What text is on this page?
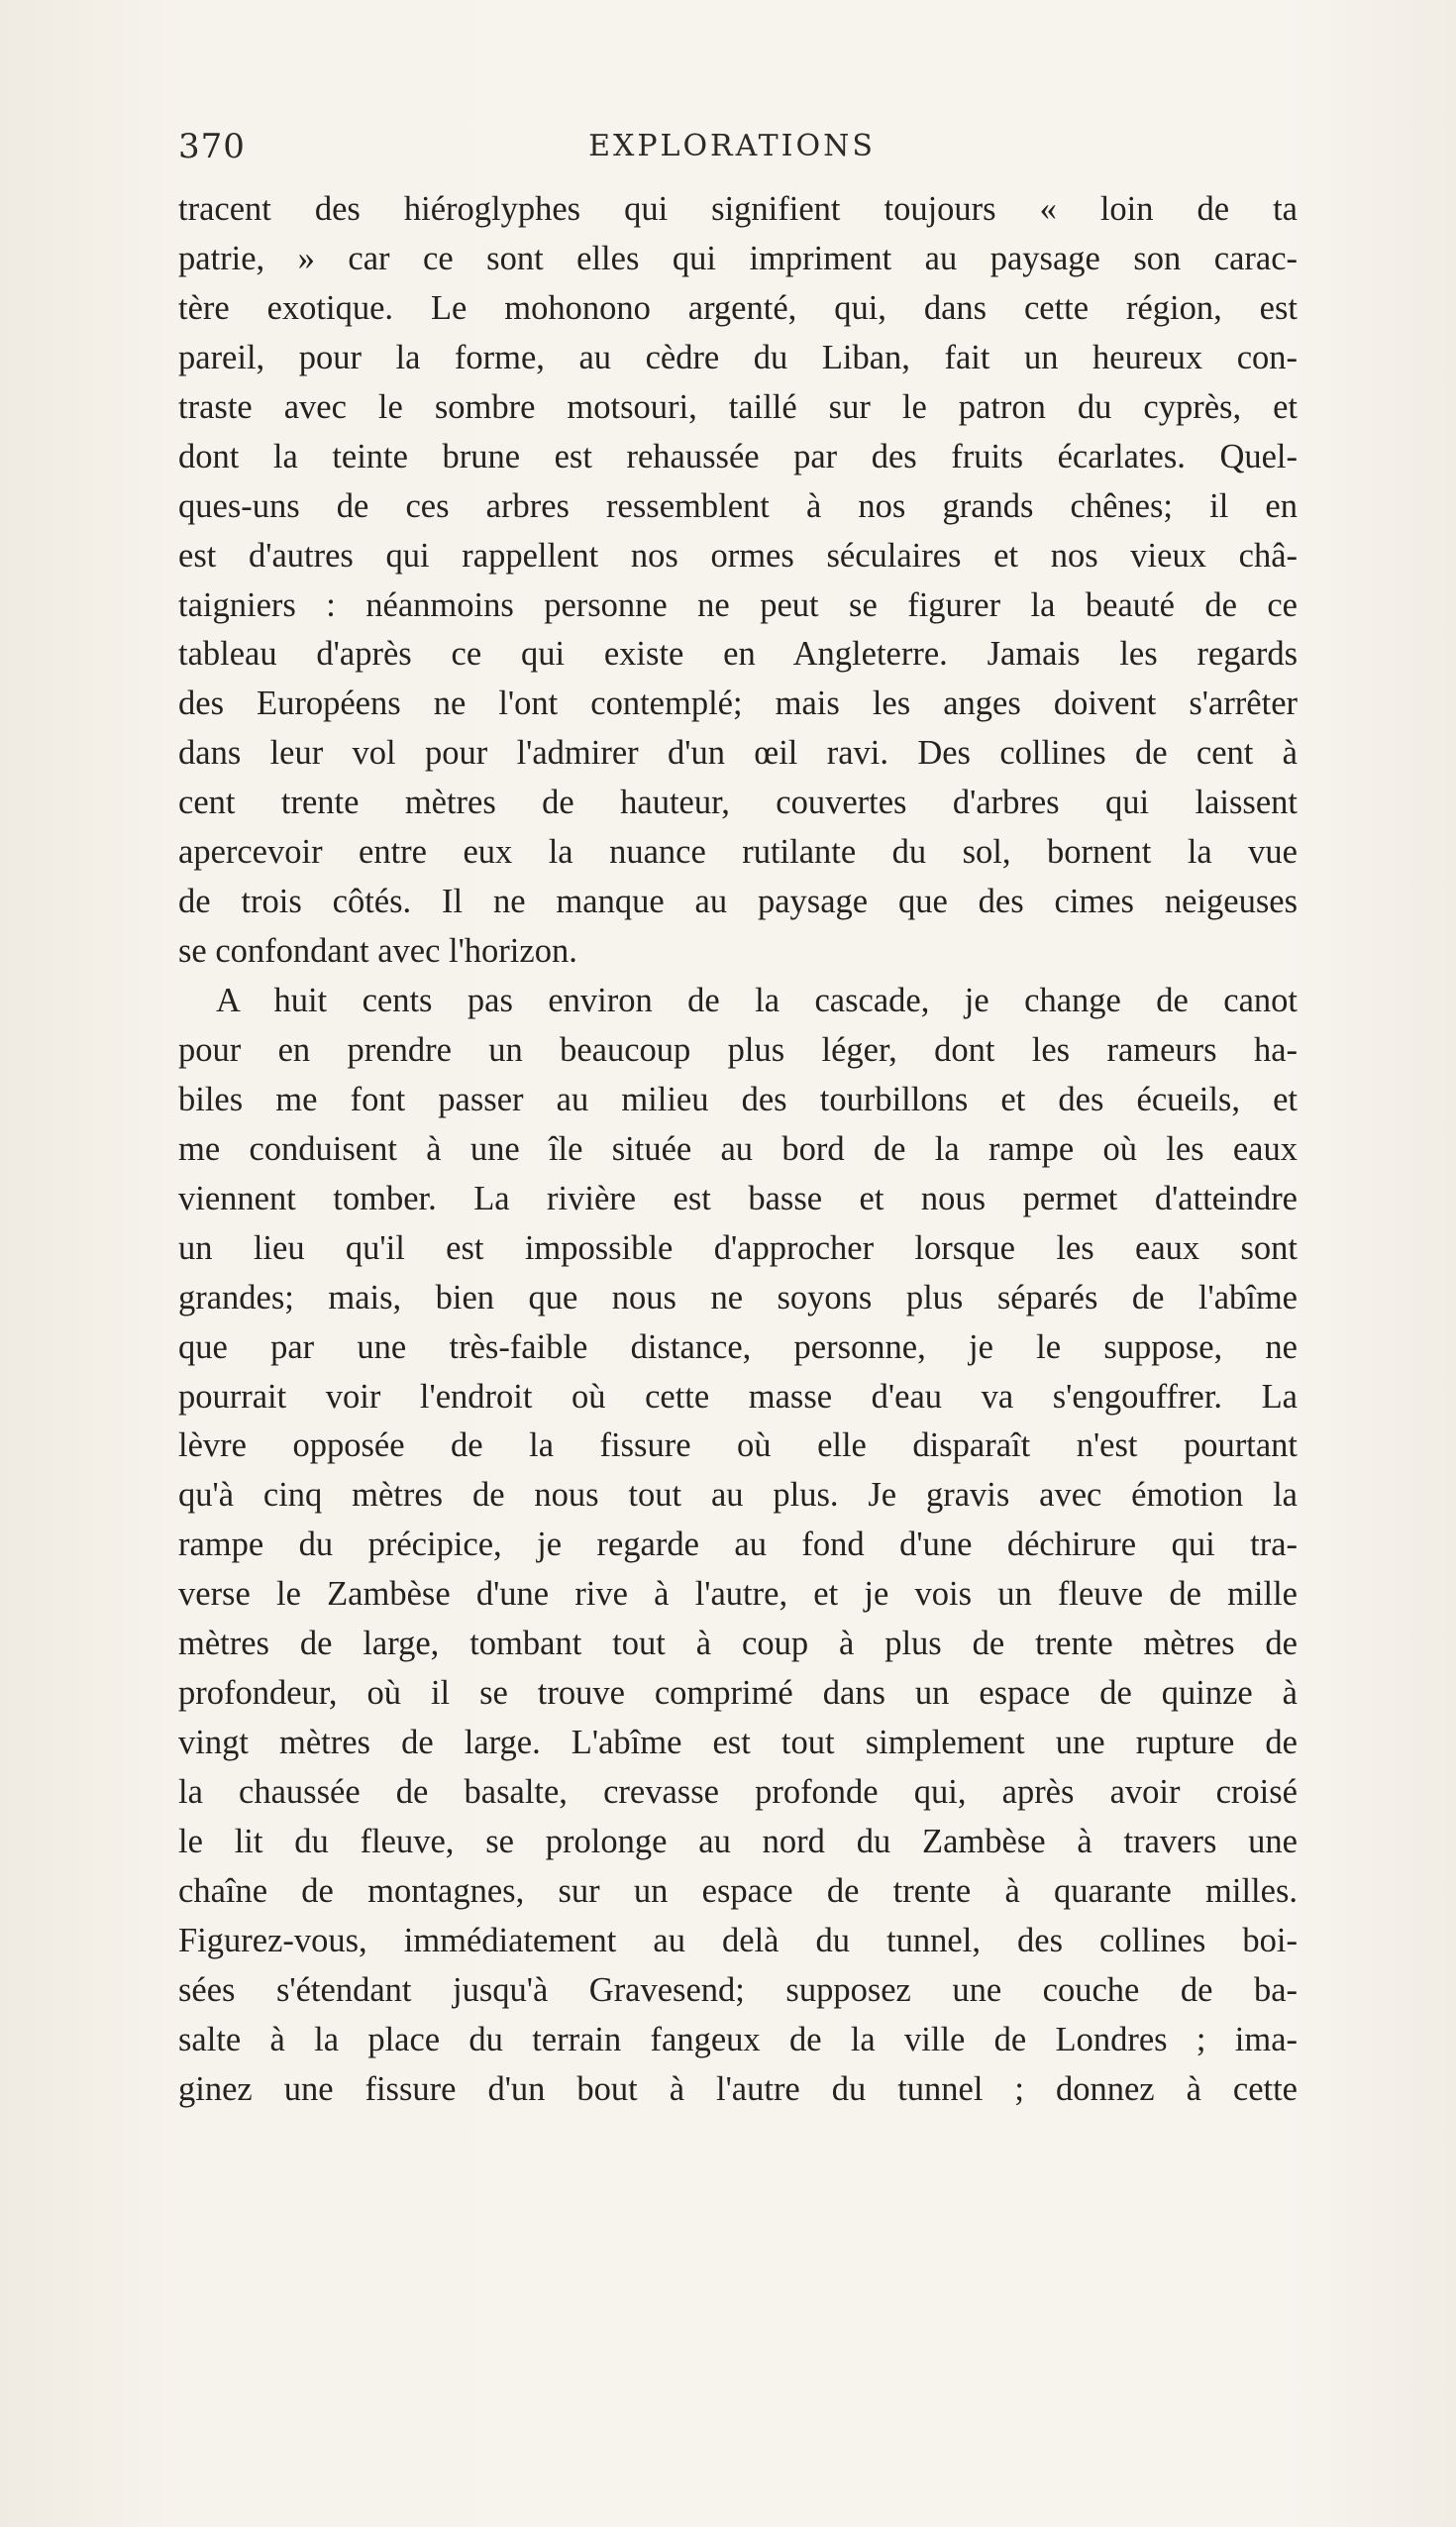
370	EXPLORATIONS
tracent des hiéroglyphes qui signifient toujours « loin de ta
patrie, » car ce sont elles qui impriment au paysage son carac-
tère exotique. Le mohonono argenté, qui, dans cette région, est
pareil, pour la forme, au cèdre du Liban, fait un heureux con-
traste avec le sombre motsouri, taillé sur le patron du cyprès, et
dont la teinte brune est rehaussée par des fruits écarlates. Quel-
ques-uns de ces arbres ressemblent à nos grands chênes; il en
est d'autres qui rappellent nos ormes séculaires et nos vieux châ-
taigniers : néanmoins personne ne peut se figurer la beauté de ce
tableau d'après ce qui existe en Angleterre. Jamais les regards
des Européens ne l'ont contemplé; mais les anges doivent s'arrêter
dans leur vol pour l'admirer d'un œil ravi. Des collines de cent à
cent trente mètres de hauteur, couvertes d'arbres qui laissent
apercevoir entre eux la nuance rutilante du sol, bornent la vue
de trois côtés. Il ne manque au paysage que des cimes neigeuses
se confondant avec l'horizon.
A huit cents pas environ de la cascade, je change de canot
pour en prendre un beaucoup plus léger, dont les rameurs ha-
biles me font passer au milieu des tourbillons et des écueils, et
me conduisent à une île située au bord de la rampe où les eaux
viennent tomber. La rivière est basse et nous permet d'atteindre
un lieu qu'il est impossible d'approcher lorsque les eaux sont
grandes; mais, bien que nous ne soyons plus séparés de l'abîme
que par une très-faible distance, personne, je le suppose, ne
pourrait voir l'endroit où cette masse d'eau va s'engouffrer. La
lèvre opposée de la fissure où elle disparaît n'est pourtant
qu'à cinq mètres de nous tout au plus. Je gravis avec émotion la
rampe du précipice, je regarde au fond d'une déchirure qui tra-
verse le Zambèse d'une rive à l'autre, et je vois un fleuve de mille
mètres de large, tombant tout à coup à plus de trente mètres de
profondeur, où il se trouve comprimé dans un espace de quinze à
vingt mètres de large. L'abîme est tout simplement une rupture de
la chaussée de basalte, crevasse profonde qui, après avoir croisé
le lit du fleuve, se prolonge au nord du Zambèse à travers une
chaîne de montagnes, sur un espace de trente à quarante milles.
Figurez-vous, immédiatement au delà du tunnel, des collines boi-
sées s'étendant jusqu'à Gravesend; supposez une couche de ba-
salte à la place du terrain fangeux de la ville de Londres ; ima-
ginez une fissure d'un bout à l'autre du tunnel ; donnez à cette
